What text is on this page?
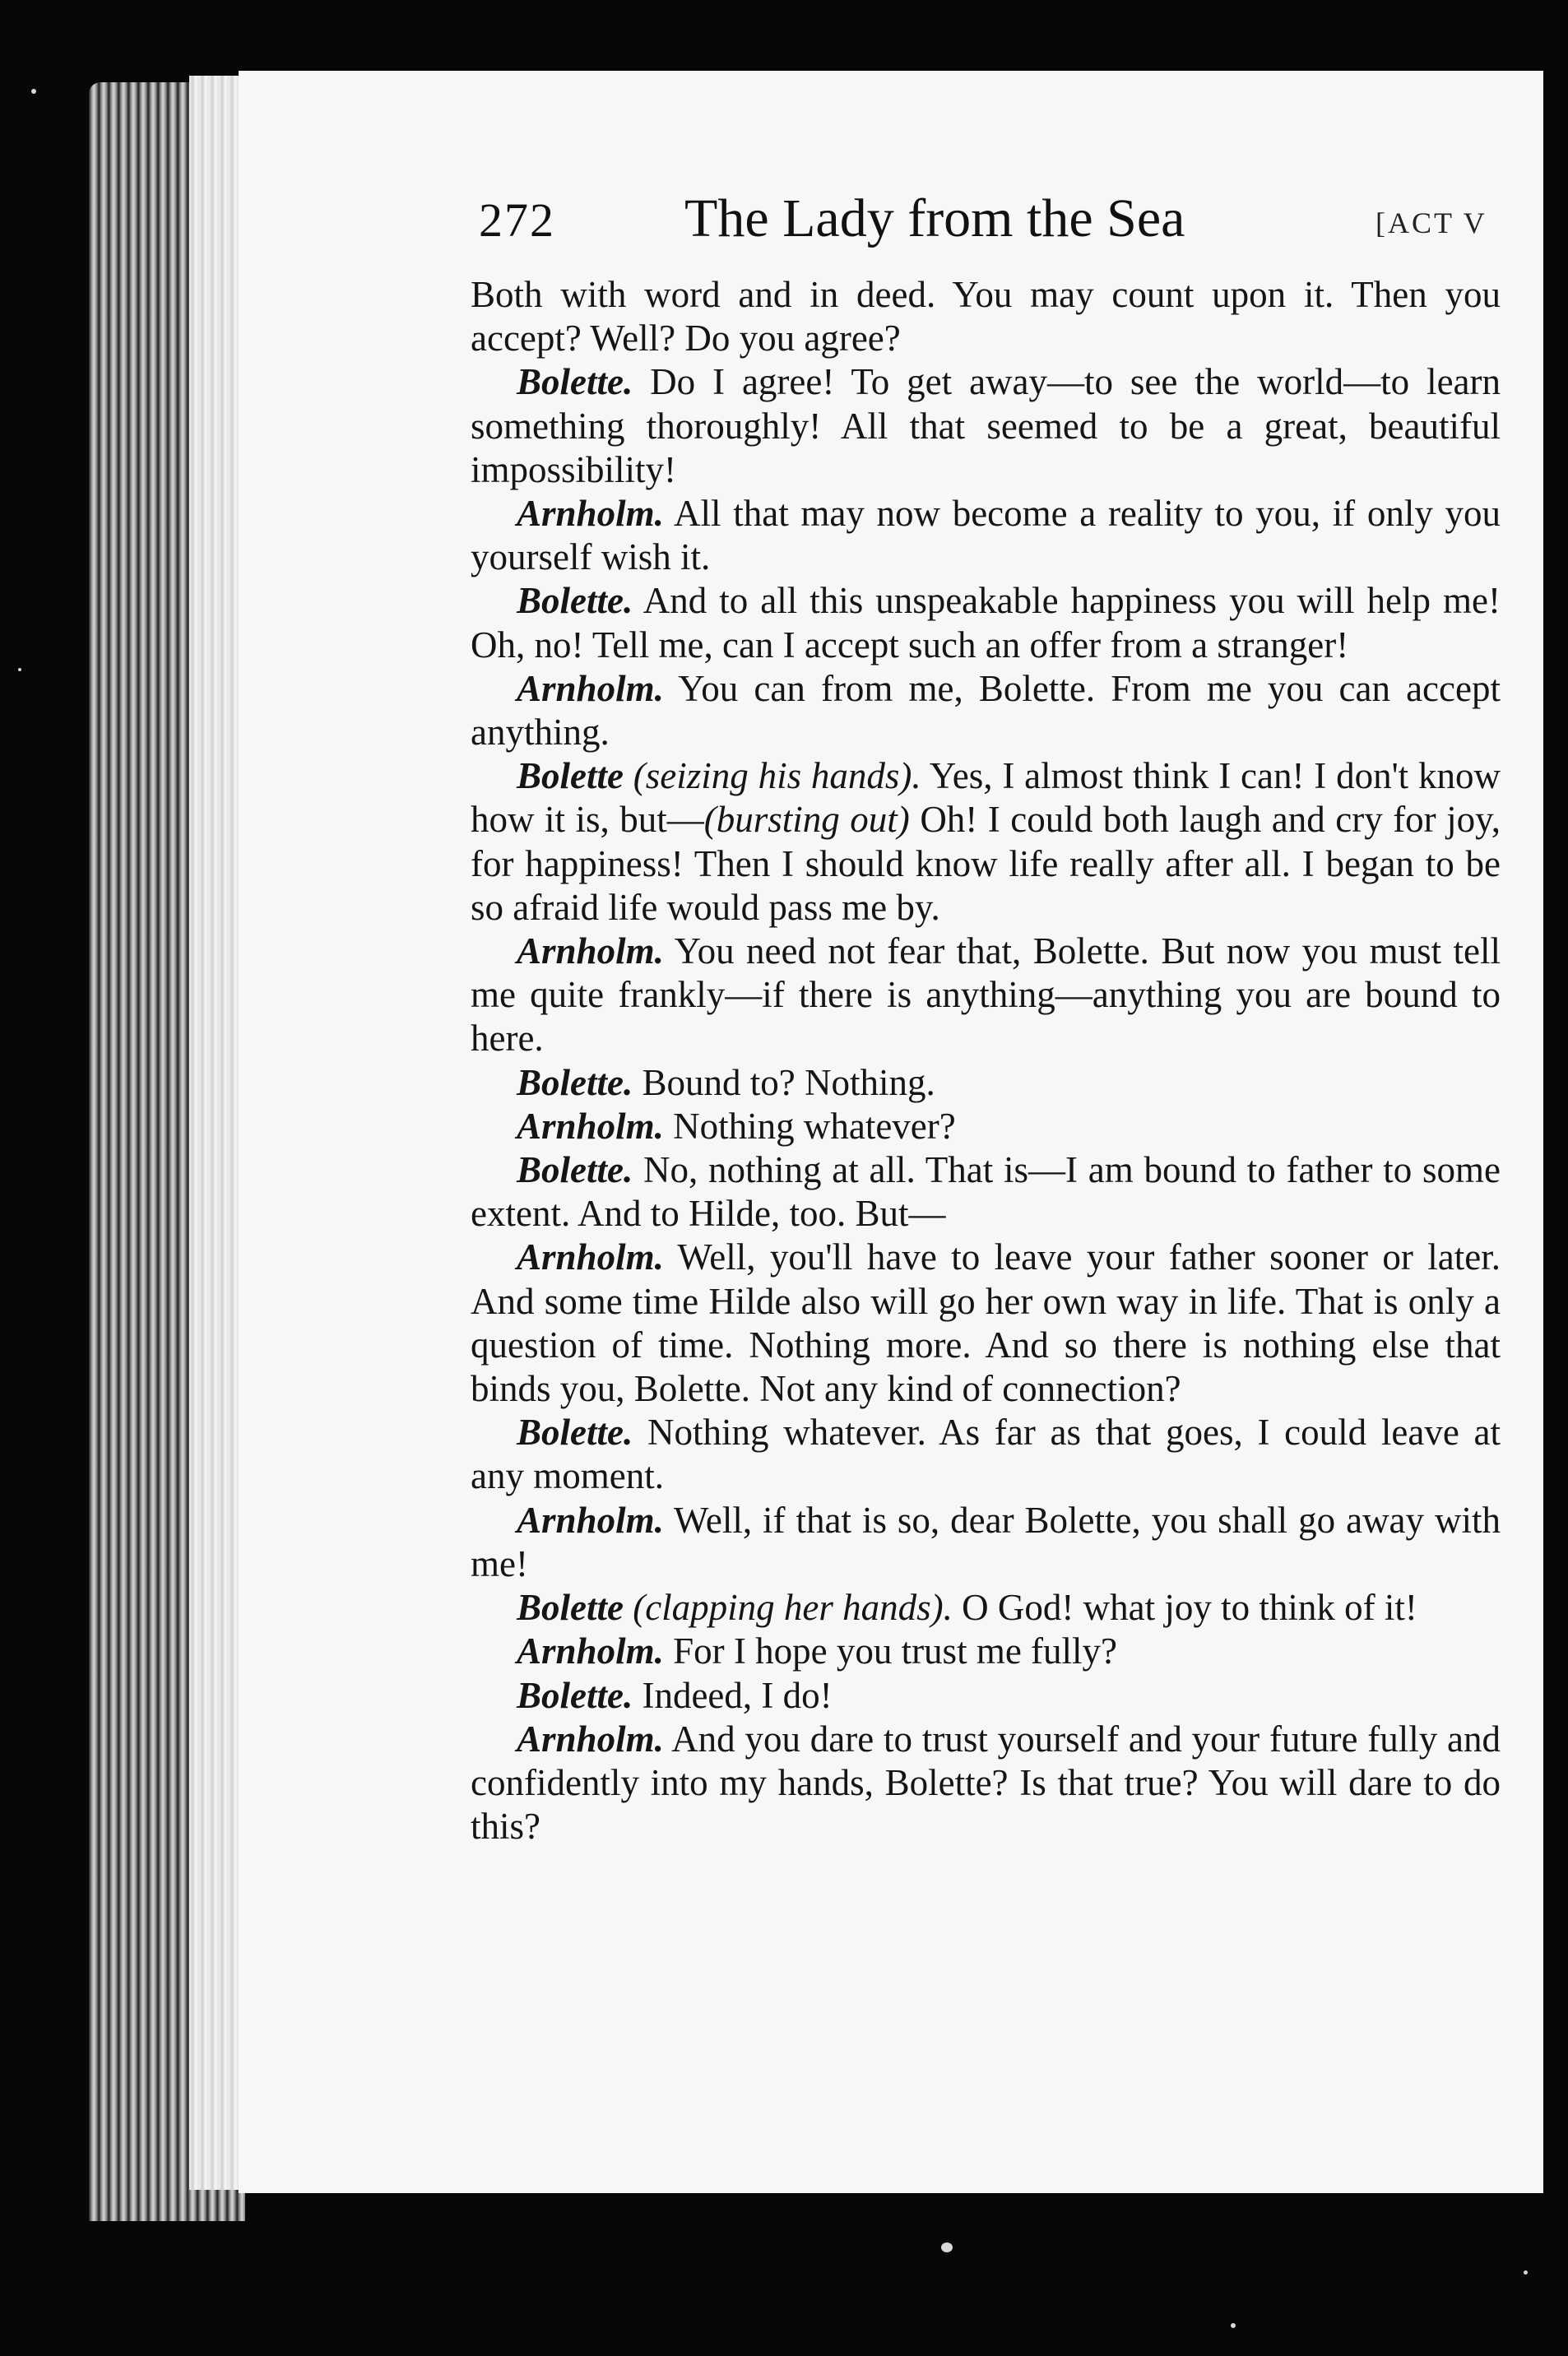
272 The Lady from the Sea	[ACT V

Both with word and in deed. You may count upon it. Then you accept? Well? Do you agree?

Bolette. Do I agree! To get away—to see the world—to learn something thoroughly! All that seemed to be a great, beautiful impossibility!

Arnholm. All that may now become a reality to you, if only you yourself wish it.

Bolette. And to all this unspeakable happiness you will help me! Oh, no! Tell me, can I accept such an offer from a stranger!

Arnholm. You can from me, Bolette. From me you can accept anything.

Bolette (seizing his hands). Yes, I almost think I can! I don't know how it is, but—(bursting out) Oh! I could both laugh and cry for joy, for happiness! Then I should know life really after all. I began to be so afraid life would pass me by.

Arnholm. You need not fear that, Bolette. But now you must tell me quite frankly—if there is anything—anything you are bound to here.

Bolette. Bound to? Nothing.

Arnholm. Nothing whatever?

Bolette. No, nothing at all. That is—I am bound to father to some extent. And to Hilde, too. But—

Arnholm. Well, you'll have to leave your father sooner or later. And some time Hilde also will go her own way in life. That is only a question of time. Nothing more. And so there is nothing else that binds you, Bolette. Not any kind of connection?

Bolette. Nothing whatever. As far as that goes, I could leave at any moment.

Arnholm. Well, if that is so, dear Bolette, you shall go away with me!

Bolette (clapping her hands). O God! what joy to think of it!

Arnholm. For I hope you trust me fully?

Bolette. Indeed, I do!

Arnholm. And you dare to trust yourself and your future fully and confidently into my hands, Bolette? Is that true? You will dare to do this?
